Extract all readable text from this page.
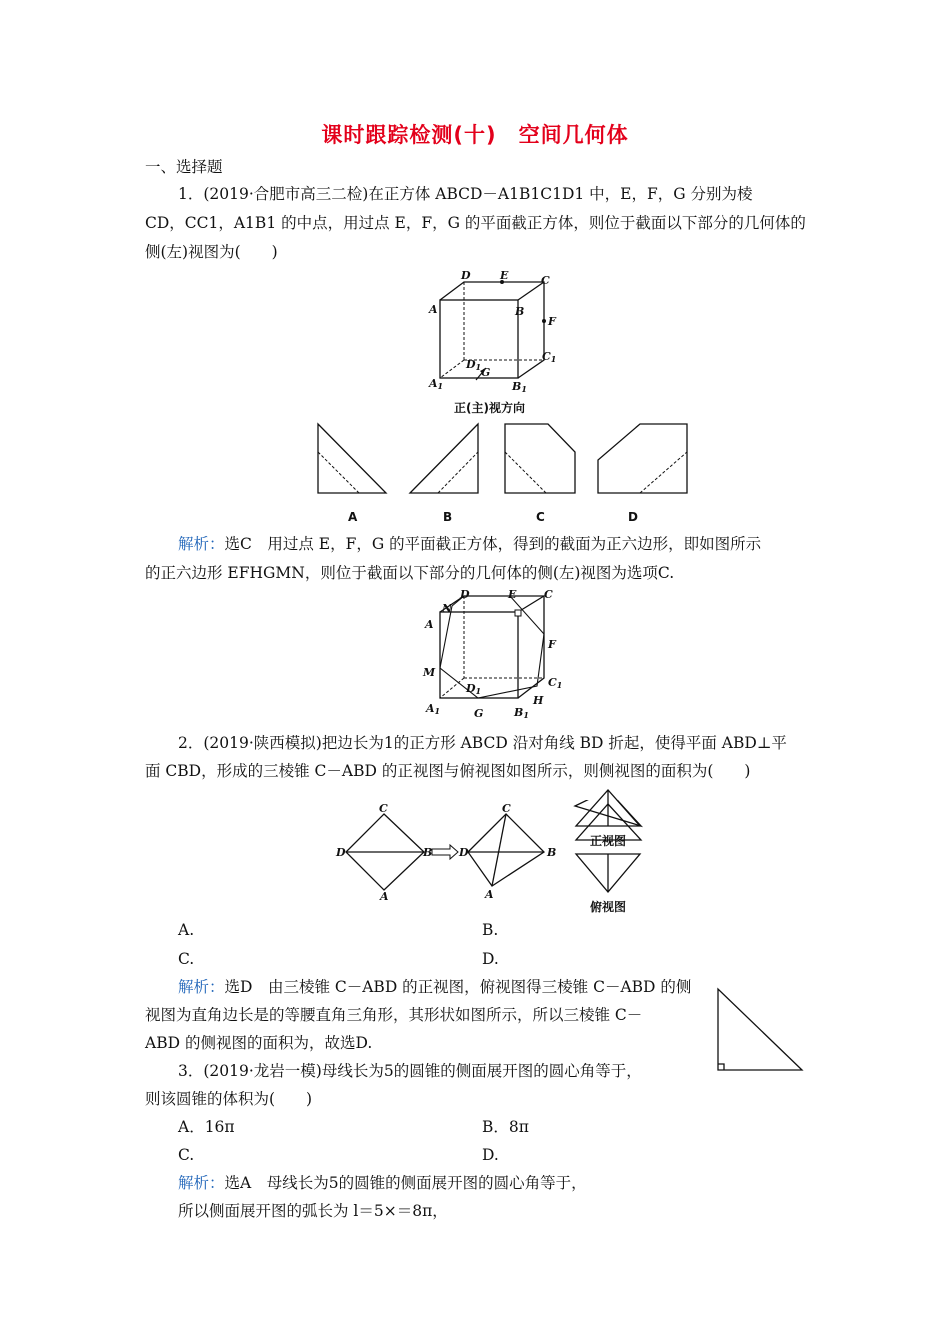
课时跟踪检测(十)　空间几何体
一、选择题
1．(2019·合肥市高三二检)在正方体 ABCD－A1B1C1D1 中，E，F，G 分别为棱
CD，CC1，A1B1 的中点，用过点 E，F，G 的平面截正方体，则位于截面以下部分的几何体的
侧(左)视图为(　　)
D	E	C
A	B
F
D1
C1
G
A1	B1
正(主)视方向
A	B	C	D
解析：选C　用过点 E，F，G 的平面截正方体，得到的截面为正六边形，即如图所示
的正六边形 EFHGMN，则位于截面以下部分的几何体的侧(左)视图为选项C.
D	E	C
N
A
F
M
D1
C1
H
G
A1	B1
2．(2019·陕西模拟)把边长为1的正方形 ABCD 沿对角线 BD 折起，使得平面 ABD⊥平
面 CBD，形成的三棱锥 C－ABD 的正视图与俯视图如图所示，则侧视图的面积为(　　)
C
D	B
A
C
D	B
A
正视图
俯视图
A.	B.
C.	D.
解析：选D　由三棱锥 C－ABD 的正视图，俯视图得三棱锥 C－ABD 的侧
视图为直角边长是的等腰直角三角形，其形状如图所示，所以三棱锥 C－
ABD 的侧视图的面积为，故选D.
3．(2019·龙岩一模)母线长为5的圆锥的侧面展开图的圆心角等于，
则该圆锥的体积为(　　)
A．16π	B．8π
C.	D.
解析：选A　母线长为5的圆锥的侧面展开图的圆心角等于，
所以侧面展开图的弧长为 l＝5×＝8π，
